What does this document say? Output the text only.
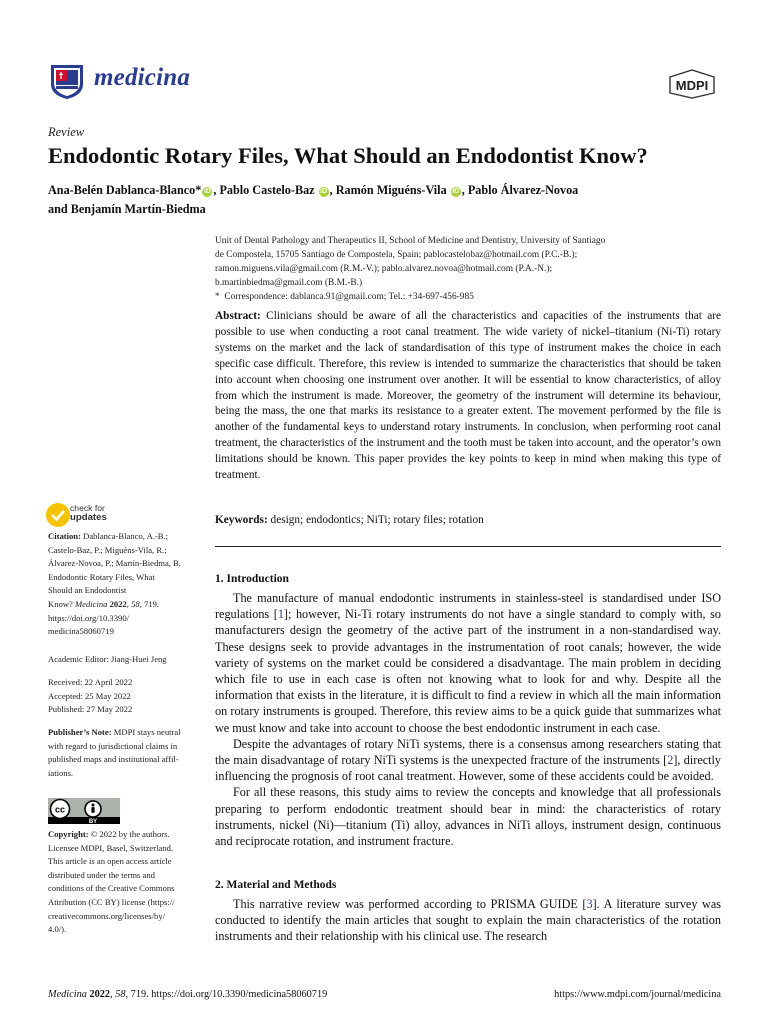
medicina	MDPI
Review
Endodontic Rotary Files, What Should an Endodontist Know?
Ana-Belén Dablanca-Blanco* iD , Pablo Castelo-Baz iD , Ramón Miguéns-Vila iD , Pablo Álvarez-Novoa
and Benjamín Martín-Biedma
Unit of Dental Pathology and Therapeutics II, School of Medicine and Dentistry, University of Santiago
de Compostela, 15705 Santiago de Compostela, Spain; pablocastelobaz@hotmail.com (P.C.-B.);
ramon.miguens.vila@gmail.com (R.M.-V.); pablo.alvarez.novoa@hotmail.com (P.A.-N.);
b.martinbiedma@gmail.com (B.M.-B.)
*  Correspondence: dablanca.91@gmail.com; Tel.: +34-697-456-985
Abstract: Clinicians should be aware of all the characteristics and capacities of the instruments that are possible to use when conducting a root canal treatment. The wide variety of nickel–titanium (Ni-Ti) rotary systems on the market and the lack of standardisation of this type of instrument makes the choice in each specific case difficult. Therefore, this review is intended to summarize the characteristics that should be taken into account when choosing one instrument over another. It will be essential to know characteristics, of alloy from which the instrument is made. Moreover, the geometry of the instrument will determine its behaviour, being the mass, the one that marks its resistance to a greater extent. The movement performed by the file is another of the fundamental keys to understand rotary instruments. In conclusion, when performing root canal treatment, the characteristics of the instrument and the tooth must be taken into account, and the operator’s own limitations should be known. This paper provides the key points to keep in mind when making this type of treatment.
Keywords: design; endodontics; NiTi; rotary files; rotation
check for
updates
Citation: Dablanca-Blanco, A.-B.;
Castelo-Baz, P.; Miguéns-Vila, R.;
Álvarez-Novoa, P.; Martín-Biedma, B.
Endodontic Rotary Files, What
Should an Endodontist
Know? Medicina 2022, 58, 719.
https://doi.org/10.3390/
medicina58060719
Academic Editor: Jiang-Huei Jeng
Received: 22 April 2022
Accepted: 25 May 2022
Published: 27 May 2022
Publisher’s Note: MDPI stays neutral
with regard to jurisdictional claims in
published maps and institutional affil-
iations.
cc
BY
Copyright: © 2022 by the authors.
Licensee MDPI, Basel, Switzerland.
This article is an open access article
distributed under the terms and
conditions of the Creative Commons
Attribution (CC BY) license (https://
creativecommons.org/licenses/by/
4.0/).
1. Introduction

The manufacture of manual endodontic instruments in stainless-steel is standardised under ISO regulations [1]; however, Ni-Ti rotary instruments do not have a single standard to comply with, so manufacturers design the geometry of the active part of the instrument in a non-standardised way. These designs seek to provide advantages in the instrumentation of root canals; however, the wide variety of systems on the market could be considered a disadvantage. The main problem in deciding which file to use in each case is often not knowing what to look for and why. Despite all the information that exists in the literature, it is difficult to find a review in which all the main information on rotary instruments is grouped. Therefore, this review aims to be a quick guide that summarizes what we must know and take into account to choose the best endodontic instrument in each case.

Despite the advantages of rotary NiTi systems, there is a consensus among researchers stating that the main disadvantage of rotary NiTi systems is the unexpected fracture of the instruments [2], directly influencing the prognosis of root canal treatment. However, some of these accidents could be avoided.

For all these reasons, this study aims to review the concepts and knowledge that all professionals preparing to perform endodontic treatment should bear in mind: the characteristics of rotary instruments, nickel (Ni)—titanium (Ti) alloy, advances in NiTi alloys, instrument design, continuous and reciprocate rotation, and instrument fracture.

2. Material and Methods

This narrative review was performed according to PRISMA GUIDE [3]. A literature survey was conducted to identify the main articles that sought to explain the main characteristics of the rotation instruments and their relationship with his clinical use. The research

Medicina 2022, 58, 719. https://doi.org/10.3390/medicina58060719	https://www.mdpi.com/journal/medicina
